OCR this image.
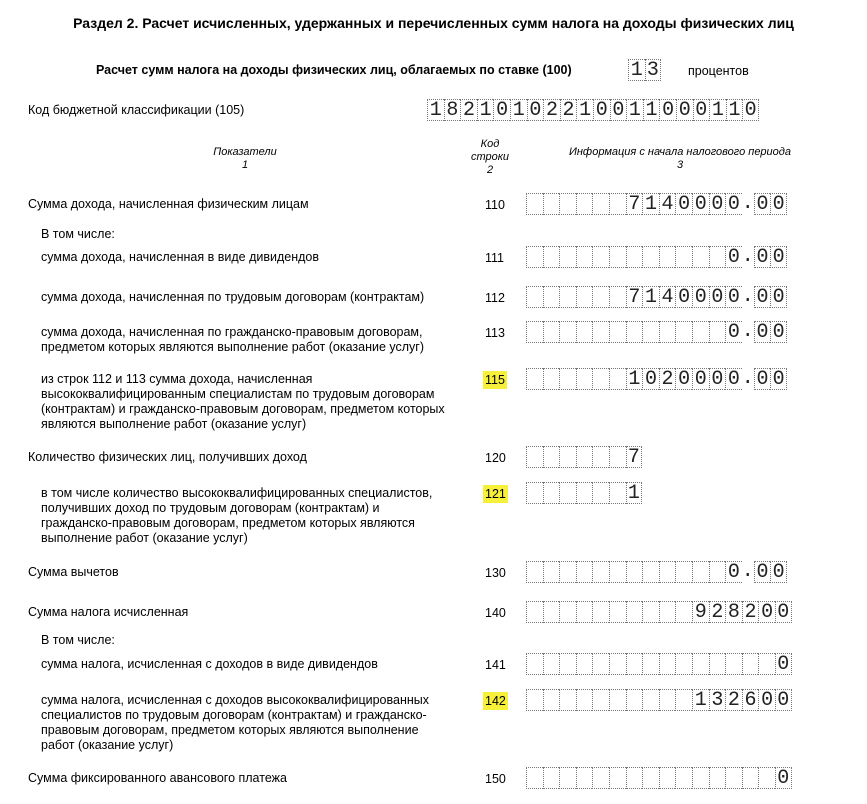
Раздел 2. Расчет исчисленных, удержанных и перечисленных сумм налога на доходы физических лиц
Расчет сумм налога на доходы физических лиц, облагаемых по ставке (100)	1 3 процентов
Код бюджетной классификации (105)	1 8 2 1 0 1 0 2 2 1 0 0 1 1 0 0 0 1 1 0
Показатели
1
Код
строки
2
Информация с начала налогового периода
3
Сумма дохода, начисленная физическим лицам	110	7 1 4 0 0 0 0 . 0 0
В том числе:
сумма дохода, начисленная в виде дивидендов	111	0 . 0 0
сумма дохода, начисленная по трудовым договорам (контрактам)	112	7 1 4 0 0 0 0 . 0 0
сумма дохода, начисленная по гражданско-правовым договорам,
предметом которых являются выполнение работ (оказание услуг)
113	0 . 0 0
из строк 112 и 113 сумма дохода, начисленная
высококвалифицированным специалистам по трудовым договорам
(контрактам) и гражданско-правовым договорам, предметом которых
являются выполнение работ (оказание услуг)
115	1 0 2 0 0 0 0 . 0 0
Количество физических лиц, получивших доход	120	7
в том числе количество высококвалифицированных специалистов,
получивших доход по трудовым договорам (контрактам) и
гражданско-правовым договорам, предметом которых являются
выполнение работ (оказание услуг)
121	1
Сумма вычетов	130	0 . 0 0
Сумма налога исчисленная	140	9 2 8 2 0 0
В том числе:
сумма налога, исчисленная с доходов в виде дивидендов	141	0
сумма налога, исчисленная с доходов высококвалифицированных
специалистов по трудовым договорам (контрактам) и гражданско-
правовым договорам, предметом которых являются выполнение
работ (оказание услуг)
142	1 3 2 6 0 0
Сумма фиксированного авансового платежа	150	0
